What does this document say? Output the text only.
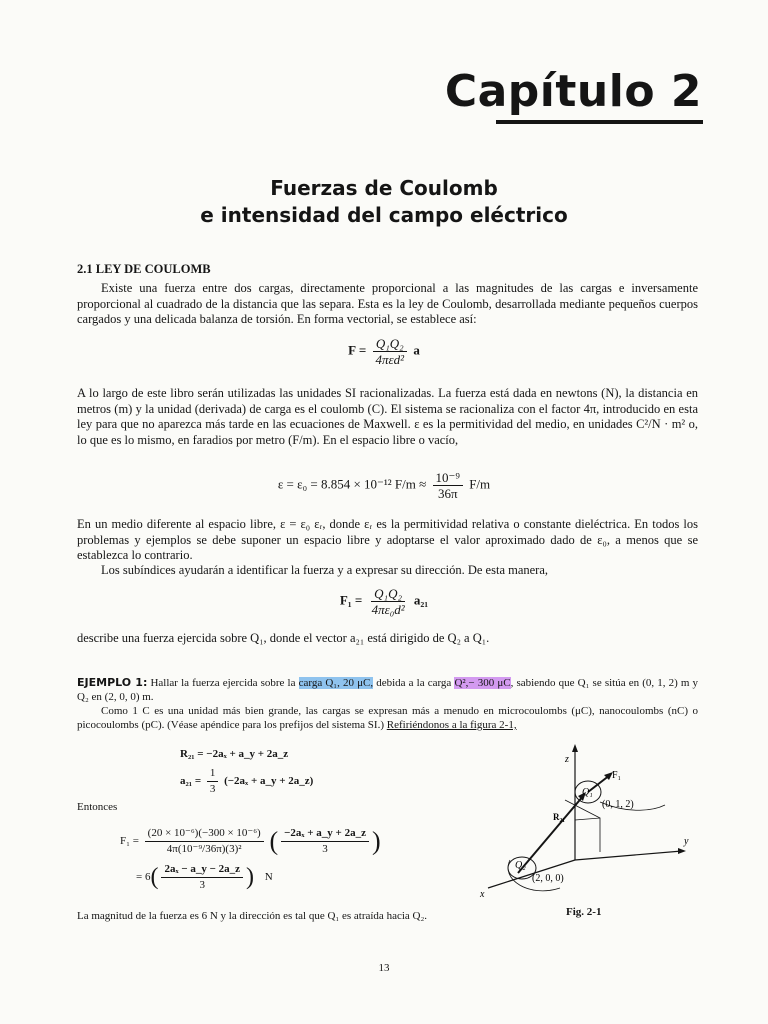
Capítulo 2
Fuerzas de Coulomb
e intensidad del campo eléctrico
2.1 LEY DE COULOMB
Existe una fuerza entre dos cargas, directamente proporcional a las magnitudes de las cargas e inversamente proporcional al cuadrado de la distancia que las separa. Esta es la ley de Coulomb, desarrollada mediante pequeños cuerpos cargados y una delicada balanza de torsión. En forma vectorial, se establece así:
$F = \frac{\text{Q₁Q₂}}{\text{4πεd²}}$ a
A lo largo de este libro serán utilizadas las unidades SI racionalizadas. La fuerza está dada en newtons (N), la distancia en metros (m) y la unidad (derivada) de carga es el coulomb (C). El sistema se racionaliza con el factor 4π, introducido en esta ley para que no aparezca más tarde en las ecuaciones de Maxwell. ε es la permitividad del medio, en unidades C²/N · m² o, lo que es lo mismo, en faradios por metro (F/m). En el espacio libre o vacío,
ε = ε₀ = 8.854 × 10⁻¹² $F/m \approx \frac{\text{10⁻⁹}}{36\pi} F/m$
En un medio diferente al espacio libre, ε = ε₀ εᵣ, donde εᵣ es la permitividad relativa o constante dieléctrica. En todos los problemas y ejemplos se debe suponer un espacio libre y adoptarse el valor aproximado dado de ε₀, a menos que se establezca lo contrario.
Los subíndices ayudarán a identificar la fuerza y a expresar su dirección. De esta manera,
$F_1 = \frac{\text{Q₁Q₂}}{\text{4πε₀d²}} a_{21}$
describe una fuerza ejercida sobre Q₁, donde el vector a₂₁ está dirigido de Q₂ a Q₁.
EJEMPLO 1: Hallar la fuerza ejercida sobre la carga Q₁, 20 μC, debida a la carga Q²,− 300 μC, sabiendo que Q₁ se sitúa en (0, 1, 2) m y Q₂ en (2, 0, 0) m.
Como 1 C es una unidad más bien grande, las cargas se expresan más a menudo en microcoulombs (μC), nanocoulombs (nC) o picocoulombs (pC). (Véase apéndice para los prefijos del sistema SI.) Refiriéndonos a la figura 2-1,
R₂₁ = −2aₓ + a_y + 2a_z
$a_{21} = \frac{1}{3} (-2a_x$ + a_y + 2a_z)
Entonces
$F_1 = \frac{\text{(20 × 10⁻⁶)(−300 × 10⁻⁶)}}{\text{4π(10⁻⁹/36π)(3)²}}$ ( $\frac{\text{−2aₓ + a\_y + 2a\_z}}{3}$ )
= $6( \frac{\text{2aₓ − a\_y − 2a\_z}}{3}$ ) N
La magnitud de la fuerza es 6 N y la dirección es tal que Q₁ es atraída hacia Q₂.
z
y
x
F₁
Q₁
Q₂
R₂₁
(0, 1, 2)
(2, 0, 0)
Fig. 2-1
13
